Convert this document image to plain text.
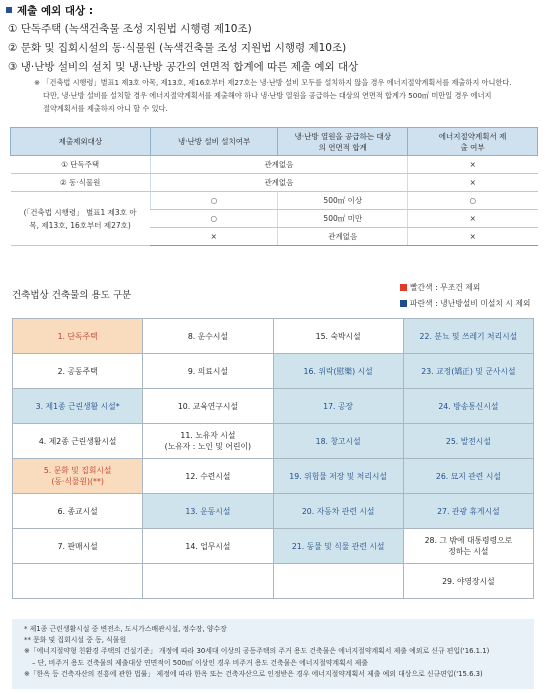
제출 예외 대상 :
① 단독주택 (녹색건축물 조성 지원법 시행령 제10조)
② 문화 및 집회시설의 동·식물원 (녹색건축물 조성 지원법 시행령 제10조)
③ 냉·난방 설비의 설치 및 냉·난방 공간의 연면적 합계에 따른 제출 예외 대상
※ 「건축법 시행령」별표1 제3호 아목, 제13호, 제16호부터 제27호는 냉·난방 설비 모두를 설치하지 않을 경우 에너지절약계획서를 제출하지 아니한다.
다만, 냉·난방 설비를 설치할 경우 에너지절약계획서를 제출해야 하나 냉·난방 열원을 공급하는 대상의 연면적 합계가 500㎡ 미만일 경우 에너지
절약계획서를 제출하지 아니 할 수 있다.
제출제외대상	냉·난방 설비 설치여부	냉·난방 열원을 공급하는 대상의 연면적 합계	에너지절약계획서 제출 여부
① 단독주택	관계없음		×
② 동·식물원	관계없음		×
(「건축법 시행령」 별표1 제3호 아목, 제13호, 16호부터 제27호)	○	500㎡ 이상	○
	○	500㎡ 미만	×
	×	관계없음	×
건축법상 건축물의 용도 구분
빨간색 : 무조건 제외
파란색 : 냉난방설비 미설치 시 제외
1. 단독주택	8. 운수시설	15. 숙박시설	22. 분뇨 및 쓰레기 처리시설
2. 공동주택	9. 의료시설	16. 위락(慰樂) 시설	23. 교정(矯正) 및 군사시설
3. 제1종 근린생활 시설*	10. 교육연구시설	17. 공장	24. 방송통신시설
4. 제2종 근린생활시설	11. 노유자 시설
(노유자 : 노인 및 어린이)	18. 창고시설	25. 발전시설
5. 문화 및 집회시설
(동·식물원)(**)	12. 수련시설	19. 위험물 저장 및 처리시설	26. 묘지 관련 시설
6. 종교시설	13. 운동시설	20. 자동차 관련 시설	27. 관광 휴게시설
7. 판매시설	14. 업무시설	21. 동물 및 식물 관련 시설	28. 그 밖에 대통령령으로
정하는 시설
			29. 야영장시설
* 제1종 근린생활시설 중 변전소, 도시가스배관시설, 정수장, 양수장
** 문화 및 집회시설 중 동, 식물원
※「에너지절약형 친환경 주택의 건설기준」 개정에 따라 30세대 이상의 공동주택의 주거 용도 건축물은 에너지절약계획서 제출 예외로 신규 편입('16.1.1)
– 단, 비주거 용도 건축물의 제출대상 연면적이 500㎡ 이상인 경우 비주거 용도 건축물은 에너지절약계획서 제출
※「한옥 등 건축자산의 진흥에 관한 법률」 제정에 따라 한옥 또는 건축자산으로 인정받은 경우 에너지절약계획서 제출 예외 대상으로 신규편입('15.6.3)
